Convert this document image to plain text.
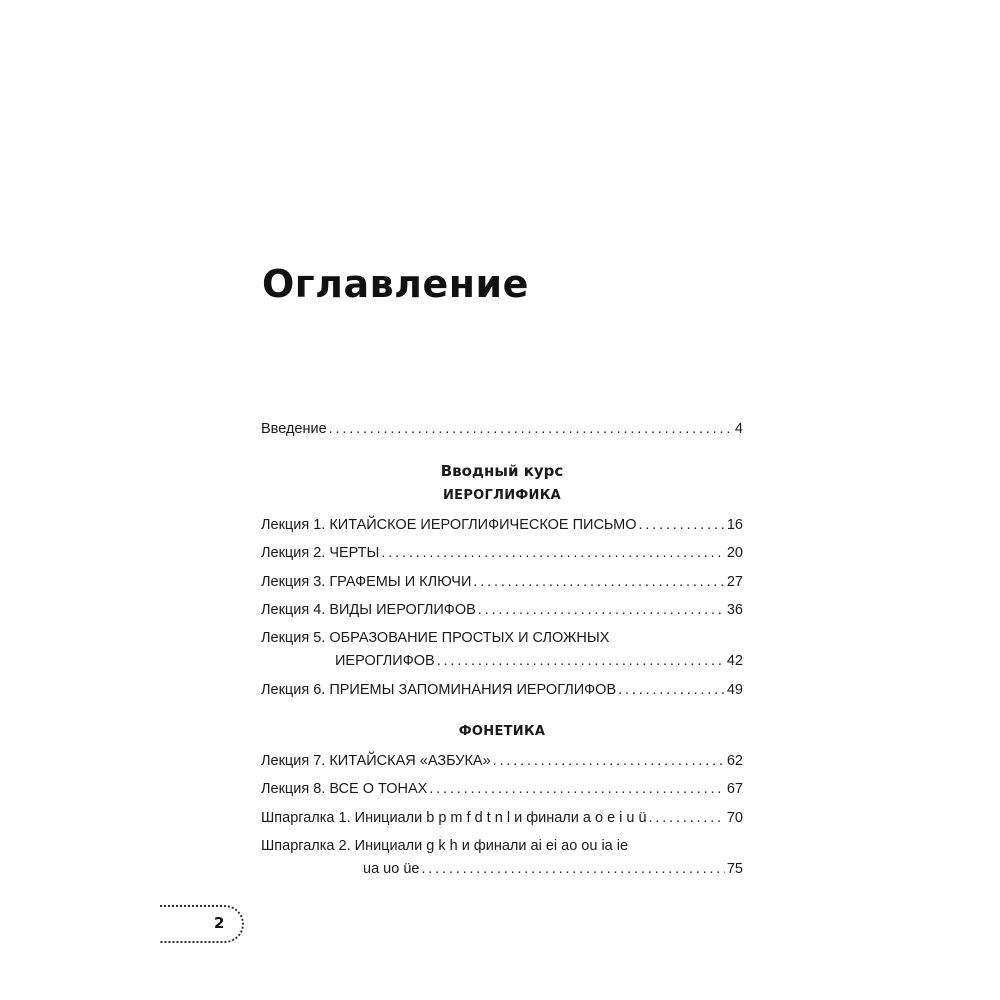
Оглавление
Введение . . .	4
Вводный курс
ИЕРОГЛИФИКА
Лекция 1. КИТАЙСКОЕ ИЕРОГЛИФИЧЕСКОЕ ПИСЬМО . . .	16
Лекция 2. ЧЕРТЫ . . .	20
Лекция 3. ГРАФЕМЫ И КЛЮЧИ . . .	27
Лекция 4. ВИДЫ ИЕРОГЛИФОВ . . .	36
Лекция 5. ОБРАЗОВАНИЕ ПРОСТЫХ И СЛОЖНЫХ
ИЕРОГЛИФОВ . . .	42
Лекция 6. ПРИЕМЫ ЗАПОМИНАНИЯ ИЕРОГЛИФОВ . . .	49
ФОНЕТИКА
Лекция 7. КИТАЙСКАЯ «АЗБУКА» . . .	62
Лекция 8. ВСЕ О ТОНАХ . . .	67
Шпаргалка 1. Инициали b p m f d t n l и финали a o e i u ü . . .	70
Шпаргалка 2. Инициали g k h и финали ai ei ao ou ia ie
ua uo üe . . .	75
2
